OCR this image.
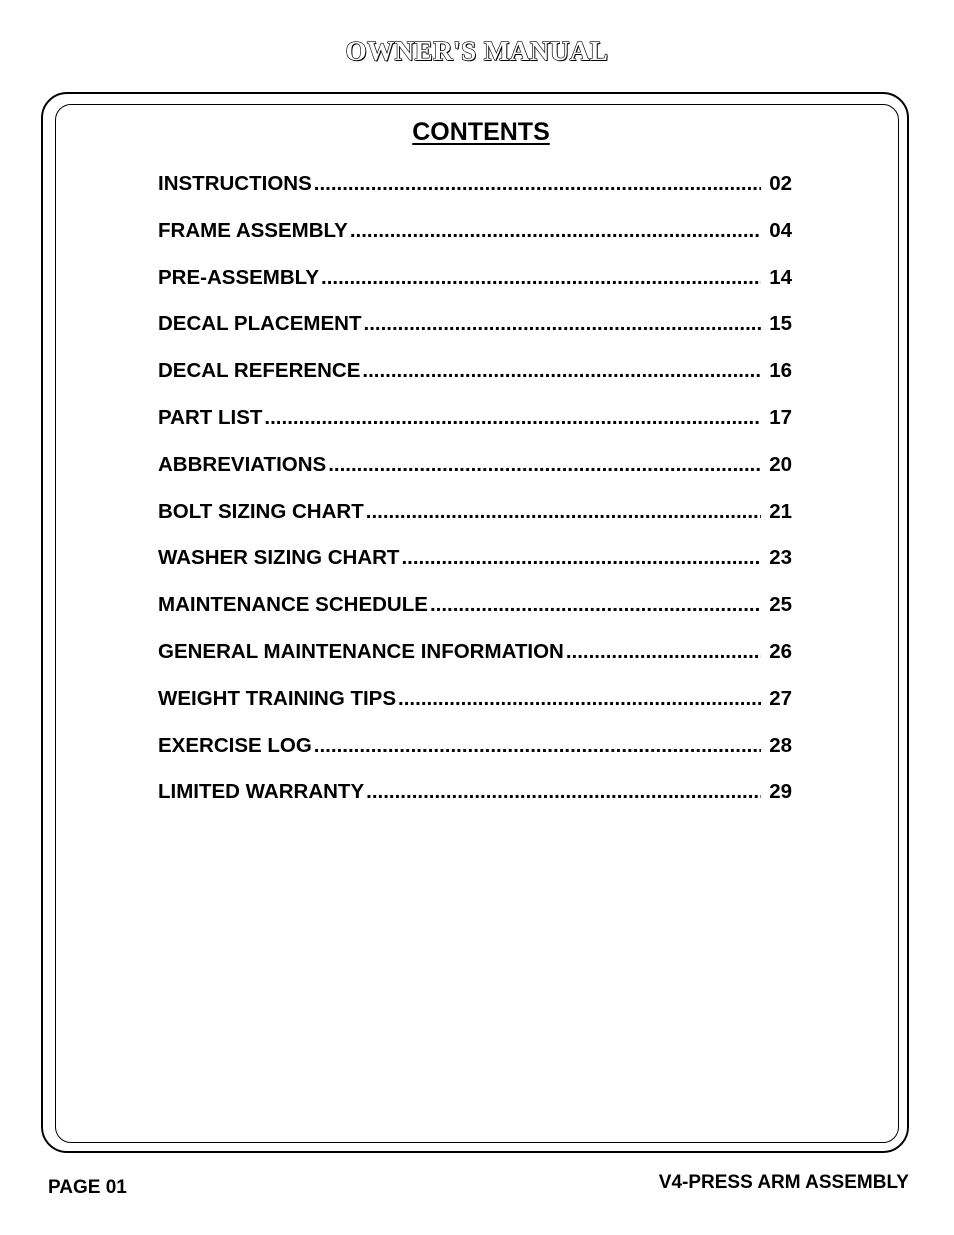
OWNER'S MANUAL
CONTENTS
INSTRUCTIONS .....	02
FRAME ASSEMBLY .....	04
PRE-ASSEMBLY .....	14
DECAL PLACEMENT .....	15
DECAL REFERENCE .....	16
PART LIST .....	17
ABBREVIATIONS .....	20
BOLT SIZING CHART .....	21
WASHER SIZING CHART .....	23
MAINTENANCE SCHEDULE .....	25
GENERAL MAINTENANCE INFORMATION .....	26
WEIGHT TRAINING TIPS .....	27
EXERCISE LOG .....	28
LIMITED WARRANTY .....	29
PAGE 01	V4-PRESS ARM ASSEMBLY
